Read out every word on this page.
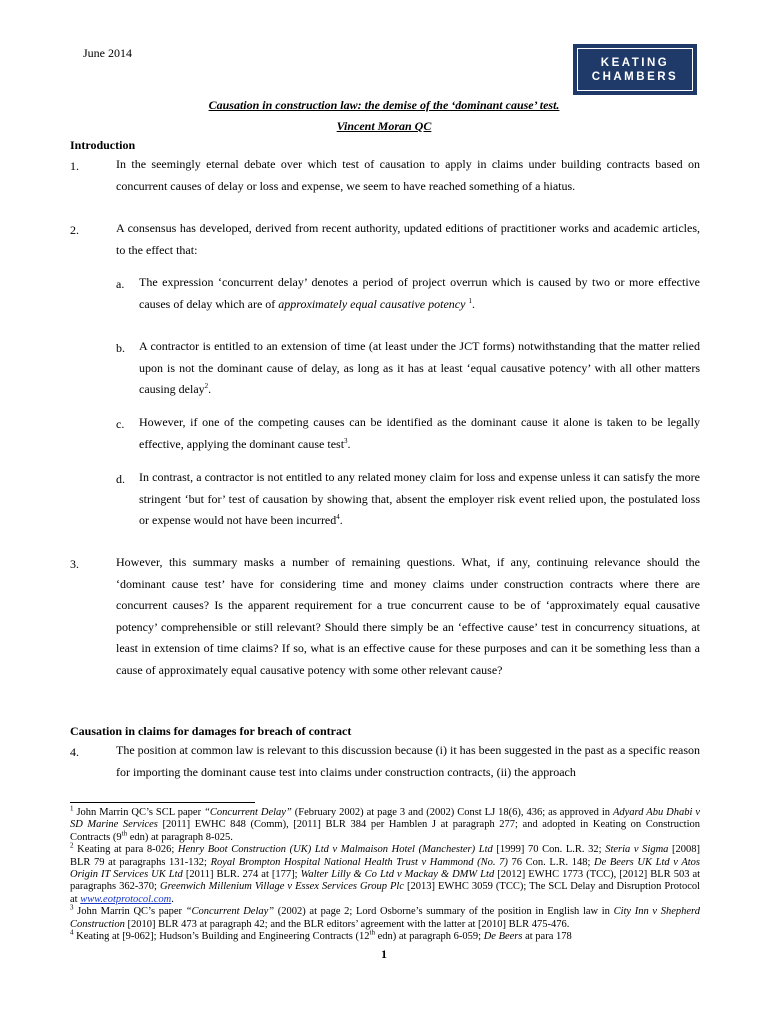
June 2014
KEATING
CHAMBERS
Causation in construction law: the demise of the ‘dominant cause’ test.
Vincent Moran QC
Introduction
1.	In the seemingly eternal debate over which test of causation to apply in claims under building contracts based on concurrent causes of delay or loss and expense, we seem to have reached something of a hiatus.
2.	A consensus has developed, derived from recent authority, updated editions of practitioner works and academic articles, to the effect that:
a. The expression ‘concurrent delay’ denotes a period of project overrun which is caused by two or more effective causes of delay which are of approximately equal causative potency $^1$.
b. A contractor is entitled to an extension of time (at least under the JCT forms) notwithstanding that the matter relied upon is not the dominant cause of delay, as long as it has at least ‘equal causative potency’ with all other matters causing delay$^2$.
c. However, if one of the competing causes can be identified as the dominant cause it alone is taken to be legally effective, applying the dominant cause test$^3$.
d. In contrast, a contractor is not entitled to any related money claim for loss and expense unless it can satisfy the more stringent ‘but for’ test of causation by showing that, absent the employer risk event relied upon, the postulated loss or expense would not have been incurred$^4$.
3.	However, this summary masks a number of remaining questions. What, if any, continuing relevance should the ‘dominant cause test’ have for considering time and money claims under construction contracts where there are concurrent causes? Is the apparent requirement for a true concurrent cause to be of ‘approximately equal causative potency’ comprehensible or still relevant? Should there simply be an ‘effective cause’ test in concurrency situations, at least in extension of time claims? If so, what is an effective cause for these purposes and can it be something less than a cause of approximately equal causative potency with some other relevant cause?
Causation in claims for damages for breach of contract
4.	The position at common law is relevant to this discussion because (i) it has been suggested in the past as a specific reason for importing the dominant cause test into claims under construction contracts, (ii) the approach

$^1$ John Marrin QC’s SCL paper “Concurrent Delay” (February 2002) at page 3 and (2002) Const LJ 18(6), 436; as approved in Adyard Abu Dhabi v SD Marine Services [2011] EWHC 848 (Comm), [2011] BLR 384 per Hamblen J at paragraph 277; and adopted in Keating on Construction Contracts (9th edn) at paragraph 8-025.

$^2$ Keating at para 8-026; Henry Boot Construction (UK) Ltd v Malmaison Hotel (Manchester) Ltd [1999] 70 Con. L.R. 32; Steria v Sigma [2008] BLR 79 at paragraphs 131-132; Royal Brompton Hospital National Health Trust v Hammond (No. 7) 76 Con. L.R. 148; De Beers UK Ltd v Atos Origin IT Services UK Ltd [2011] BLR. 274 at [177]; Walter Lilly & Co Ltd v Mackay & DMW Ltd [2012] EWHC 1773 (TCC), [2012] BLR 503 at paragraphs 362-370; Greenwich Millenium Village v Essex Services Group Plc [2013] EWHC 3059 (TCC); The SCL Delay and Disruption Protocol at www.eotprotocol.com.

$^3$ John Marrin QC’s paper “Concurrent Delay” (2002) at page 2; Lord Osborne’s summary of the position in English law in City Inn v Shepherd Construction [2010] BLR 473 at paragraph 42; and the BLR editors’ agreement with the latter at [2010] BLR 475-476.

$^4$ Keating at [9-062]; Hudson’s Building and Engineering Contracts (12th edn) at paragraph 6-059; De Beers at para 178

1
